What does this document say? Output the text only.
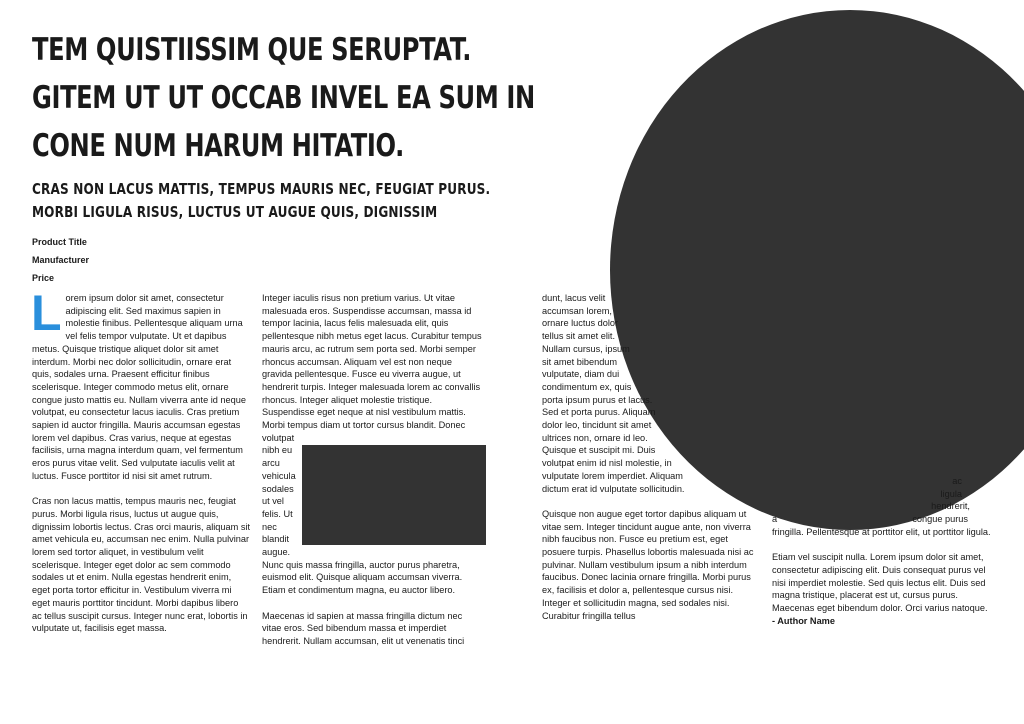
TEM QUISTIISSIM QUE SERUPTAT.
GITEM UT UT OCCAB INVEL EA SUM IN
CONE NUM HARUM HITATIO.
CRAS NON LACUS MATTIS, TEMPUS MAURIS NEC, FEUGIAT PURUS.
MORBI LIGULA RISUS, LUCTUS UT AUGUE QUIS, DIGNISSIM
Product Title
Manufacturer
Price

Lorem ipsum dolor sit amet, consectetur adipiscing elit. Sed maximus sapien in molestie finibus. Pellentesque aliquam urna vel felis tempor vulputate. Ut et dapibus metus. Quisque tristique aliquet dolor sit amet interdum. Morbi nec dolor sollicitudin, ornare erat quis, sodales urna. Praesent efficitur finibus scelerisque. Integer commodo metus elit, ornare congue justo mattis eu. Nullam viverra ante id neque volutpat, eu consectetur lacus iaculis. Cras pretium sapien id auctor fringilla. Mauris accumsan egestas lorem vel dapibus. Cras varius, neque at egestas facilisis, urna magna interdum quam, vel fermentum eros purus vitae velit. Sed vulputate iaculis velit at luctus. Fusce porttitor id nisi sit amet rutrum.

Cras non lacus mattis, tempus mauris nec, feugiat purus. Morbi ligula risus, luctus ut augue quis, dignissim lobortis lectus. Cras orci mauris, aliquam sit amet vehicula eu, accumsan nec enim. Nulla pulvinar lorem sed tortor aliquet, in vestibulum velit scelerisque. Integer eget dolor ac sem commodo sodales ut et enim. Nulla egestas hendrerit enim, eget porta tortor efficitur in. Vestibulum viverra mi eget mauris porttitor tincidunt. Morbi dapibus libero ac tellus suscipit cursus. Integer nunc erat, lobortis in vulputate ut, facilisis eget massa.

Integer iaculis risus non pretium varius. Ut vitae malesuada eros. Suspendisse accumsan, massa id tempor lacinia, lacus felis malesuada elit, quis pellentesque nibh metus eget lacus. Curabitur tempus mauris arcu, ac rutrum sem porta sed. Morbi semper rhoncus accumsan. Aliquam vel est non neque gravida pellentesque. Fusce eu viverra augue, ut hendrerit turpis. Integer malesuada lorem ac convallis rhoncus. Integer aliquet molestie tristique. Suspendisse eget neque at nisl vestibulum mattis. Morbi tempus diam ut tortor cursus blandit. Donec volutpat nibh eu arcu vehicula sodales ut vel felis. Ut nec blandit augue. Nunc quis massa fringilla, auctor purus pharetra, euismod elit. Quisque aliquam accumsan viverra. Etiam et condimentum magna, eu auctor libero.

Maecenas id sapien at massa fringilla dictum nec vitae eros. Sed bibendum massa et imperdiet hendrerit. Nullam accumsan, elit ut venenatis tinci

dunt, lacus velit accumsan lorem, ornare luctus dolor tellus sit amet elit. Nullam cursus, ipsum sit amet bibendum vulputate, diam dui condimentum ex, quis porta ipsum purus et lacus. Sed et porta purus. Aliquam dolor leo, tincidunt sit amet ultrices non, ornare id leo. Quisque et suscipit mi. Duis volutpat enim id nisl molestie, in vulputate lorem imperdiet. Aliquam dictum erat id vulputate sollicitudin.

Quisque non augue eget tortor dapibus aliquam ut vitae sem. Integer tincidunt augue ante, non viverra nibh faucibus non. Fusce eu pretium est, eget posuere turpis. Phasellus lobortis malesuada nisi ac pulvinar. Nullam vestibulum ipsum a nibh interdum faucibus. Donec lacinia ornare fringilla. Morbi purus ex, facilisis et dolor a, pellentesque cursus nisi. Integer et sollicitudin magna, sed sodales nisi. Curabitur fringilla tellus

ac
ligula
hendrerit,
a	congue purus
fringilla. Pellentesque at porttitor elit, ut porttitor ligula.

Etiam vel suscipit nulla. Lorem ipsum dolor sit amet, consectetur adipiscing elit. Duis consequat purus vel nisi imperdiet molestie. Sed quis lectus elit. Duis sed magna tristique, placerat est ut, cursus purus. Maecenas eget bibendum dolor. Orci varius natoque.

- Author Name
